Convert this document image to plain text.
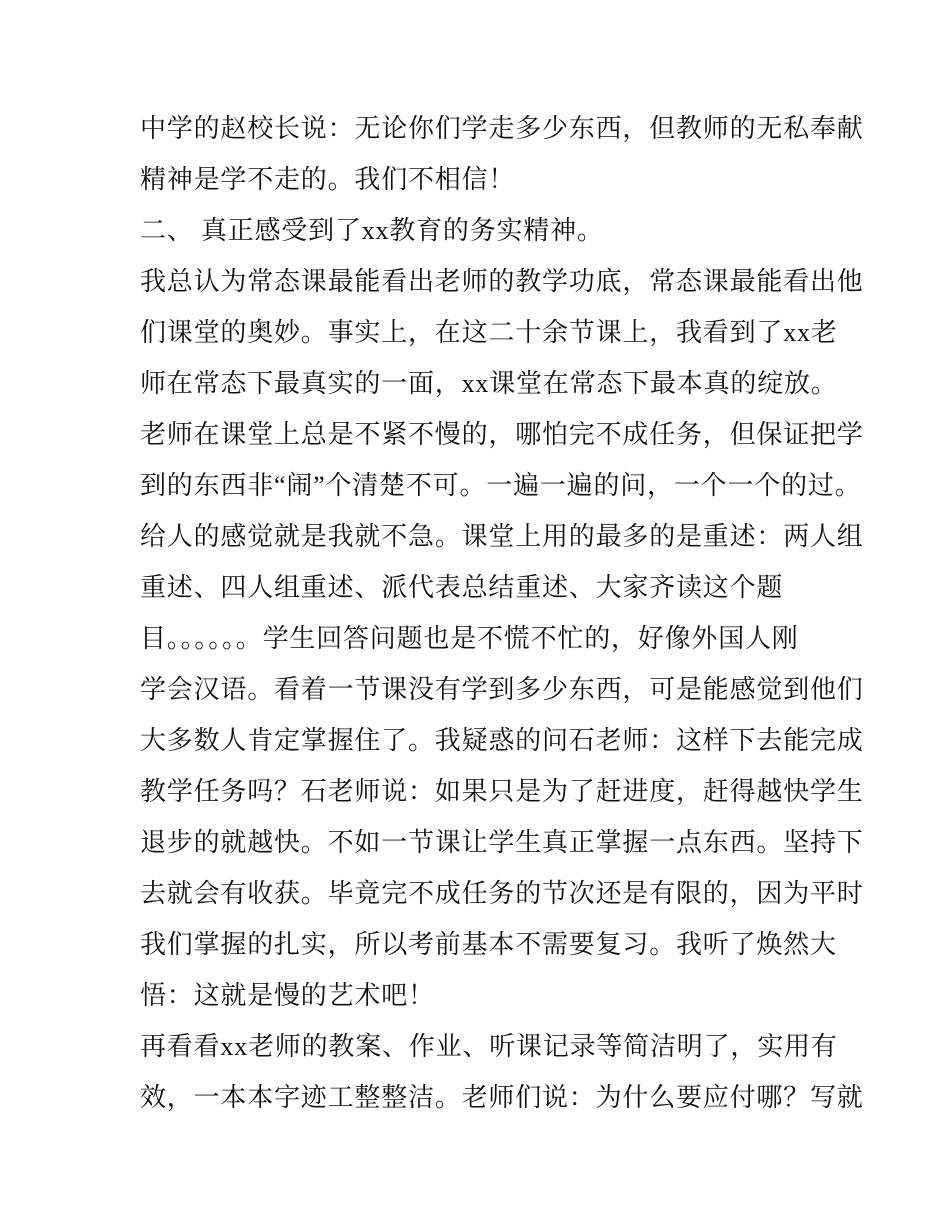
中学的赵校长说：无论你们学走多少东西，但教师的无私奉献
精神是学不走的。我们不相信！
二、 真正感受到了xx教育的务实精神。
我总认为常态课最能看出老师的教学功底，常态课最能看出他
们课堂的奥妙。事实上，在这二十余节课上，我看到了xx老
师在常态下最真实的一面，xx课堂在常态下最本真的绽放。
老师在课堂上总是不紧不慢的，哪怕完不成任务，但保证把学
到的东西非“闹”个清楚不可。一遍一遍的问，一个一个的过。
给人的感觉就是我就不急。课堂上用的最多的是重述：两人组
重述、四人组重述、派代表总结重述、大家齐读这个题
目。。。。。。学生回答问题也是不慌不忙的，好像外国人刚
学会汉语。看着一节课没有学到多少东西，可是能感觉到他们
大多数人肯定掌握住了。我疑惑的问石老师：这样下去能完成
教学任务吗？石老师说：如果只是为了赶进度，赶得越快学生
退步的就越快。不如一节课让学生真正掌握一点东西。坚持下
去就会有收获。毕竟完不成任务的节次还是有限的，因为平时
我们掌握的扎实，所以考前基本不需要复习。我听了焕然大
悟：这就是慢的艺术吧！
再看看xx老师的教案、作业、听课记录等简洁明了，实用有
效，一本本字迹工整整洁。老师们说：为什么要应付哪？写就
